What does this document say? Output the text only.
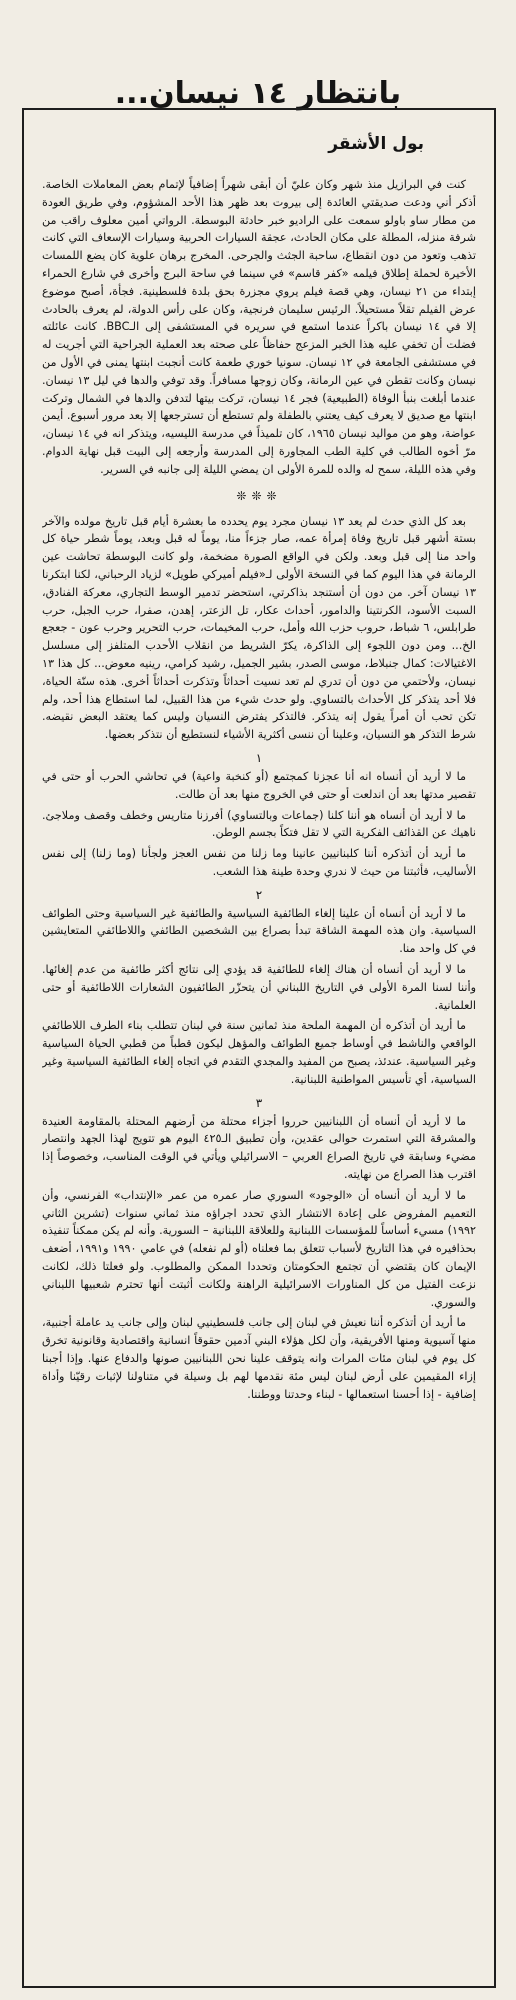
بانتظار ١٤ نيسان...
بول الأشقر

كنت في البرازيل منذ شهر وكان عليّ أن أبقى شهراً إضافياً لإتمام بعض المعاملات الخاصة. أذكر أني ودعت صديقتي العائدة إلى بيروت بعد ظهر هذا الأحد المشؤوم، وفي طريق العودة من مطار ساو باولو سمعت على الراديو خبر حادثة البوسطة. الرواتي أمين معلوف راقب من شرفة منزله، المطلة على مكان الحادث، عجقة السيارات الحربية وسيارات الإسعاف التي كانت تذهب وتعود من دون انقطاع، ساحبة الجثث والجرحى. المخرج برهان علوية كان يضع اللمسات الأخيرة لحملة إطلاق فيلمه «كفر قاسم» في سينما في ساحة البرج وأخرى في شارع الحمراء إبتداء من ٢١ نيسان، وهي قصة فيلم يروي مجزرة بحق بلدة فلسطينية. فجأة، أصبح موضوع عرض الفيلم تقلاً مستحيلاً. الرئيس سليمان فرنجية، وكان على رأس الدولة، لم يعرف بالحادث إلا في ١٤ نيسان باكراً عندما استمع في سريره في المستشفى إلى الـBBC. كانت عائلته فضلت أن تخفي عليه هذا الخبر المزعج حفاظاً على صحته بعد العملية الجراحية التي أجريت له في مستشفى الجامعة في ١٢ نيسان. سونيا خوري طعمة كانت أنجبت ابنتها يمنى في الأول من نيسان وكانت تقطن في عين الرمانة، وكان زوجها مسافراً. وقد توفي والدها في ليل ١٣ نيسان. عندما أبلغت بنبأ الوفاة (الطبيعية) فجر ١٤ نيسان، تركت بيتها لتدفن والدها في الشمال وتركت ابنتها مع صديق لا يعرف كيف يعتني بالطفلة ولم تستطع أن تسترجعها إلا بعد مرور أسبوع. أيمن عواضة، وهو من مواليد نيسان ١٩٦٥، كان تلميذاً في مدرسة الليسيه، ويتذكر انه في ١٤ نيسان، مرّ أخوه الطالب في كلية الطب المجاورة إلى المدرسة وأرجعه إلى البيت قبل نهاية الدوام. وفي هذه الليلة، سمح له والده للمرة الأولى ان يمضي الليلة إلى جانبه في السرير.

❊❊❊

بعد كل الذي حدث لم يعد ١٣ نيسان مجرد يوم يحدده ما بعشرة أيام قبل تاريخ مولده والآخر بستة أشهر قبل تاريخ وفاة إمرأة عمه، صار جزءاً منا، يوماً له قبل وبعد، يوماً شطر حياة كل واحد منا إلى قبل وبعد. ولكن في الواقع الصورة مضخمة، ولو كانت البوسطة تحاشت عين الرمانة في هذا اليوم كما في النسخة الأولى لـ«فيلم أميركي طويل» لزياد الرحباني، لكنا ابتكرنا ١٣ نيسان آخر. من دون أن أستنجد بذاكرتي، استحضر تدمير الوسط التجاري، معركة الفنادق، السبت الأسود، الكرنتينا والدامور، أحداث عكار، تل الزعتر، إهدن، صفرا، حرب الجبل، حرب طرابلس، ٦ شباط، حروب حزب الله وأمل، حرب المخيمات، حرب التحرير وحرب عون - جعجع الخ... ومن دون اللجوء إلى الذاكرة، يكرّ الشريط من انقلاب الأحدب المتلفز إلى مسلسل الاغتيالات: كمال جنبلاط، موسى الصدر، بشير الجميل، رشيد كرامي، رينيه معوض... كل هذا ١٣ نيسان، ولأحتمي من دون أن تدري لم تعد نسيت أحداثاً وتذكرت أحداثاً أخرى. هذه سنّة الحياة، فلا أحد يتذكر كل الأحداث بالتساوي. ولو حدث شيء من هذا القبيل، لما استطاع هذا أحد، ولم تكن تحب أن أمراً يقول إنه يتذكر. فالتذكر يفترض النسيان وليس كما يعتقد البعض نقيضه. شرط التذكر هو النسيان، وعلينا أن ننسى أكثرية الأشياء لنستطيع أن نتذكر بعضها.

١

ما لا أريد أن أنساه انه أنا عجزنا كمجتمع (أو كنخبة واعية) في تحاشي الحرب أو حتى في تقصير مدتها بعد أن اندلعت أو حتى في الخروج منها بعد أن طالت.

ما لا أريد أن أنساه هو أننا كلنا (جماعات وبالتساوي) أفرزنا متاريس وخطف وقصف وملاجئ. ناهيك عن القذائف الفكرية التي لا تقل فتكاً بجسم الوطن.

ما أريد أن أتذكره أننا كلبنانيين عانينا وما زلنا من نفس العجز ولجأنا (وما زلنا) إلى نفس الأساليب، فأثبتنا من حيث لا ندري وحدة طينة هذا الشعب.

٢

ما لا أريد أن أنساه أن علينا إلغاء الطائفية السياسية والطائفية غير السياسية وحتى الطوائف السياسية. وان هذه المهمة الشاقة تبدأ بصراع بين الشخصين الطائفي واللاطائفي المتعايشين في كل واحد منا.

ما لا أريد أن أنساه أن هناك إلغاء للطائفية قد يؤدي إلى نتائج أكثر طائفية من عدم إلغائها. وأننا لسنا المرة الأولى في التاريخ اللبناني أن يتحزّر الطائفيون الشعارات اللاطائفية أو حتى العلمانية.

ما أريد أن أتذكره أن المهمة الملحة منذ ثمانين سنة في لبنان تتطلب بناء الطرف اللاطائفي الواقعي والناشط في أوساط جميع الطوائف والمؤهل ليكون قطباً من قطبي الحياة السياسية وغير السياسية. عندئذ، يصبح من المفيد والمجدي التقدم في اتجاه إلغاء الطائفية السياسية وغير السياسية، أي تأسيس المواطنية اللبنانية.

٣

ما لا أريد أن أنساه أن اللبنانيين حرروا أجزاء محتلة من أرضهم المحتلة بالمقاومة العنيدة والمشرقة التي استمرت حوالى عقدين، وأن تطبيق الـ٤٢٥ اليوم هو تتويج لهذا الجهد وانتصار مضيء وسابقة في تاريخ الصراع العربي – الاسرائيلي ويأتي في الوقت المناسب، وخصوصاً إذا اقترب هذا الصراع من نهايته.

ما لا أريد أن أنساه أن «الوجود» السوري صار عمره من عمر «الإنتداب» الفرنسي، وأن التعميم المفروض على إعادة الانتشار الذي تحدد اجراؤه منذ ثماني سنوات (تشرين الثاني ١٩٩٢) مسيء أساساً للمؤسسات اللبنانية وللعلاقة اللبنانية – السورية. وأنه لم يكن ممكناً تنفيذه بحذافيره في هذا التاريخ لأسباب تتعلق بما فعلناه (أو لم نفعله) في عامي ١٩٩٠ و١٩٩١، أضعف الإيمان كان يقتضي أن تجتمع الحكومتان وتحددا الممكن والمطلوب. ولو فعلتا ذلك، لكانت نزعت الفتيل من كل المناورات الاسرائيلية الراهنة ولكانت أثبتت أنها تحترم شعبيها اللبناني والسوري.

ما أريد أن أتذكره أننا نعيش في لبنان إلى جانب فلسطينيي لبنان وإلى جانب يد عاملة أجنبية، منها آسيوية ومنها الأفريقية، وأن لكل هؤلاء البني آدمين حقوقاً انسانية واقتصادية وقانونية تخرق كل يوم في لبنان مئات المرات وانه يتوقف علينا نحن اللبنانيين صونها والدفاع عنها. وإذا أجبنا إزاء المقيمين على أرض لبنان ليس مئة نقدمها لهم بل وسيلة في متناولنا لإثبات رقيّنا وأداة إضافية - إذا أحسنا استعمالها - لبناء وحدتنا ووطننا.
